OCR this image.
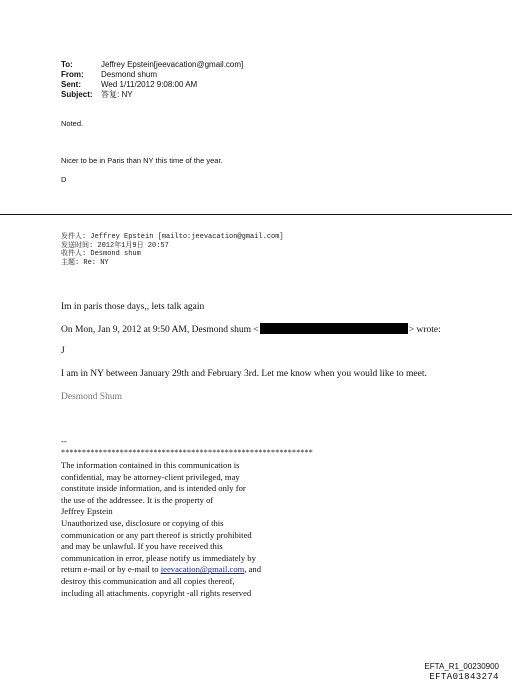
To:	Jeffrey Epstein[jeevacation@gmail.com]
From:	Desmond shum
Sent:	Wed 1/11/2012 9:08:00 AM
Subject:	答复: NY
Noted.
Nicer to be in Paris than NY this time of the year.
D
发件人: Jeffrey Epstein [mailto:jeevacation@gmail.com]
发送时间: 2012年1月9日 20:57
收件人: Desmond shum
主题: Re: NY
Im in paris those days,, lets talk again
On Mon, Jan 9, 2012 at 9:50 AM, Desmond shum <	> wrote:
J
I am in NY between January 29th and February 3rd. Let me know when you would like to meet.
Desmond Shum
--
************************************************************
The information contained in this communication is
confidential, may be attorney-client privileged, may
constitute inside information, and is intended only for
the use of the addressee. It is the property of
Jeffrey Epstein
Unauthorized use, disclosure or copying of this
communication or any part thereof is strictly prohibited
and may be unlawful. If you have received this
communication in error, please notify us immediately by
return e-mail or by e-mail to jeevacation@gmail.com, and
destroy this communication and all copies thereof,
including all attachments. copyright -all rights reserved
EFTA_R1_00230900
EFTA01843274
